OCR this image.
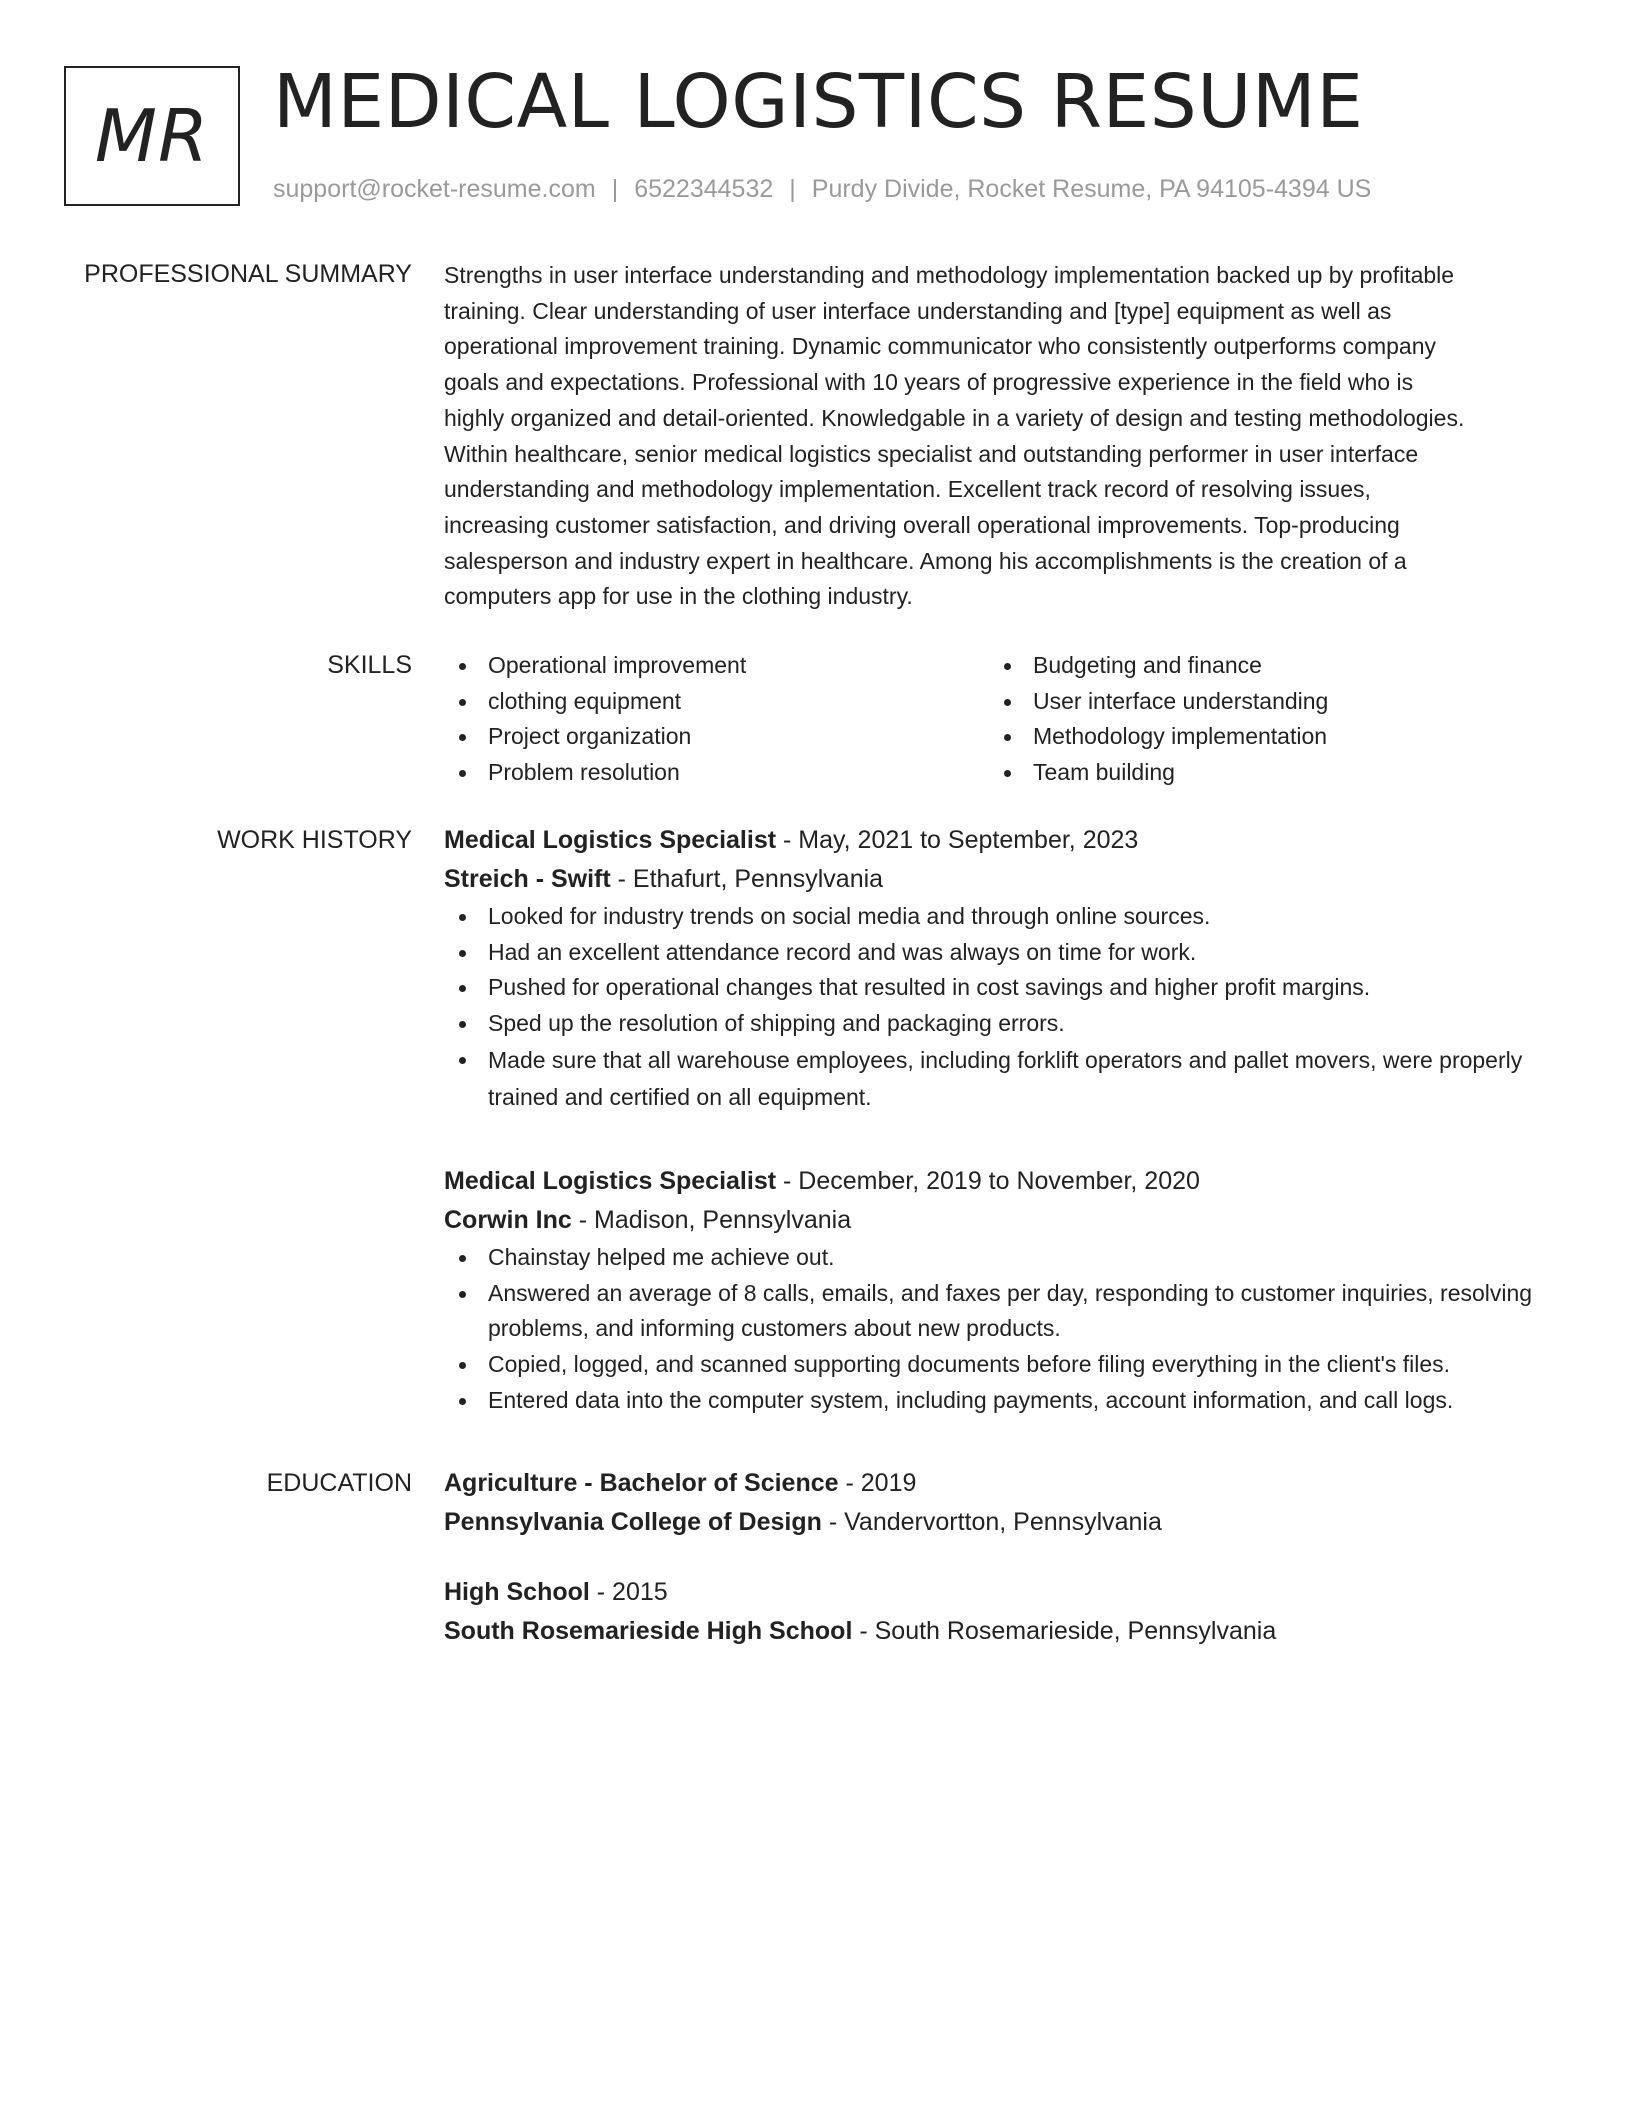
MR MEDICAL LOGISTICS RESUME
support@rocket-resume.com | 6522344532 | Purdy Divide, Rocket Resume, PA 94105-4394 US
PROFESSIONAL SUMMARY Strengths in user interface understanding and methodology implementation backed up by profitable
training. Clear understanding of user interface understanding and [type] equipment as well as
operational improvement training. Dynamic communicator who consistently outperforms company
goals and expectations. Professional with 10 years of progressive experience in the field who is
highly organized and detail-oriented. Knowledgable in a variety of design and testing methodologies.
Within healthcare, senior medical logistics specialist and outstanding performer in user interface
understanding and methodology implementation. Excellent track record of resolving issues,
increasing customer satisfaction, and driving overall operational improvements. Top-producing
salesperson and industry expert in healthcare. Among his accomplishments is the creation of a
computers app for use in the clothing industry.

SKILLS	Operational improvement
clothing equipment
Project organization
Problem resolution
Budgeting and finance
User interface understanding
Methodology implementation
Team building
WORK HISTORY Medical Logistics Specialist - May, 2021 to September, 2023
Streich - Swift - Ethafurt, Pennsylvania
Looked for industry trends on social media and through online sources.
Had an excellent attendance record and was always on time for work.
Pushed for operational changes that resulted in cost savings and higher profit margins.
Sped up the resolution of shipping and packaging errors.
Made sure that all warehouse employees, including forklift operators and pallet movers, were properly trained and certified on all equipment.
Medical Logistics Specialist - December, 2019 to November, 2020
Corwin Inc - Madison, Pennsylvania
Chainstay helped me achieve out.
Answered an average of 8 calls, emails, and faxes per day, responding to customer inquiries, resolving problems, and informing customers about new products.
Copied, logged, and scanned supporting documents before filing everything in the client's files.
Entered data into the computer system, including payments, account information, and call logs.
EDUCATION Agriculture - Bachelor of Science - 2019
Pennsylvania College of Design - Vandervortton, Pennsylvania
High School - 2015
South Rosemarieside High School - South Rosemarieside, Pennsylvania
